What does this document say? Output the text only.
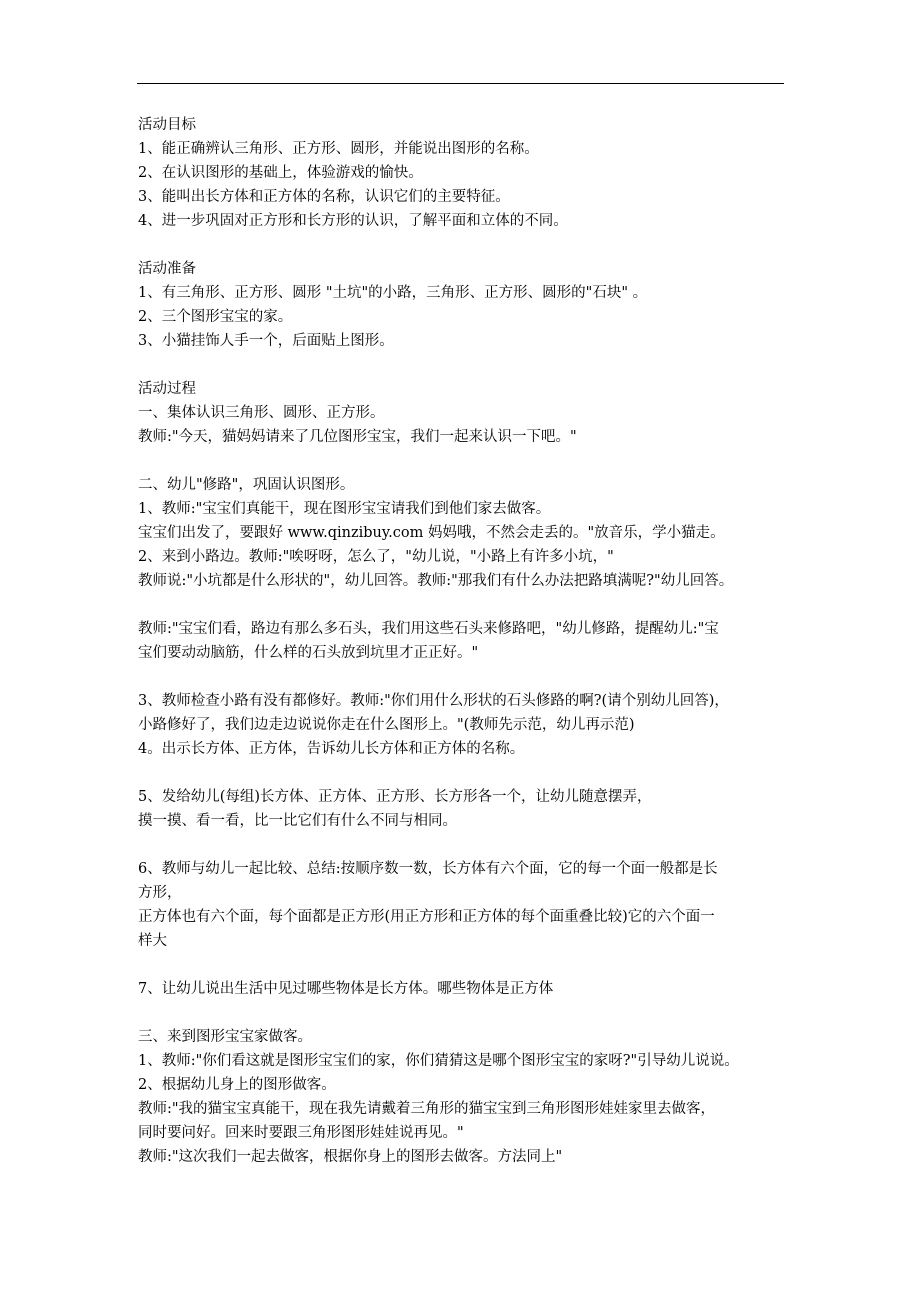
活动目标
1、能正确辨认三角形、正方形、圆形，并能说出图形的名称。
2、在认识图形的基础上，体验游戏的愉快。
3、能叫出长方体和正方体的名称，认识它们的主要特征。
4、进一步巩固对正方形和长方形的认识，了解平面和立体的不同。
活动准备
1、有三角形、正方形、圆形 "土坑"的小路，三角形、正方形、圆形的"石块" 。
2、三个图形宝宝的家。
3、小猫挂饰人手一个，后面贴上图形。
活动过程
一、集体认识三角形、圆形、正方形。
教师:"今天，猫妈妈请来了几位图形宝宝，我们一起来认识一下吧。"
二、幼儿"修路"，巩固认识图形。
1、教师:"宝宝们真能干，现在图形宝宝请我们到他们家去做客。
宝宝们出发了，要跟好 www.qinzibuy.com 妈妈哦，不然会走丢的。"放音乐，学小猫走。
2、来到小路边。教师:"唉呀呀，怎么了，"幼儿说，"小路上有许多小坑，"
教师说:"小坑都是什么形状的"，幼儿回答。教师:"那我们有什么办法把路填满呢?"幼儿回答。
教师:"宝宝们看，路边有那么多石头，我们用这些石头来修路吧，"幼儿修路，提醒幼儿:"宝
宝们要动动脑筋，什么样的石头放到坑里才正正好。"
3、教师检查小路有没有都修好。教师:"你们用什么形状的石头修路的啊?(请个别幼儿回答)，
小路修好了，我们边走边说说你走在什么图形上。"(教师先示范，幼儿再示范)
4。出示长方体、正方体，告诉幼儿长方体和正方体的名称。
5、发给幼儿(每组)长方体、正方体、正方形、长方形各一个，让幼儿随意摆弄，
摸一摸、看一看，比一比它们有什么不同与相同。
6、教师与幼儿一起比较、总结:按顺序数一数，长方体有六个面，它的每一个面一般都是长
方形，
正方体也有六个面，每个面都是正方形(用正方形和正方体的每个面重叠比较)它的六个面一
样大
7、让幼儿说出生活中见过哪些物体是长方体。哪些物体是正方体
三、来到图形宝宝家做客。
1、教师:"你们看这就是图形宝宝们的家，你们猜猜这是哪个图形宝宝的家呀?"引导幼儿说说。
2、根据幼儿身上的图形做客。
教师:"我的猫宝宝真能干，现在我先请戴着三角形的猫宝宝到三角形图形娃娃家里去做客，
同时要问好。回来时要跟三角形图形娃娃说再见。"
教师:"这次我们一起去做客，根据你身上的图形去做客。方法同上"
